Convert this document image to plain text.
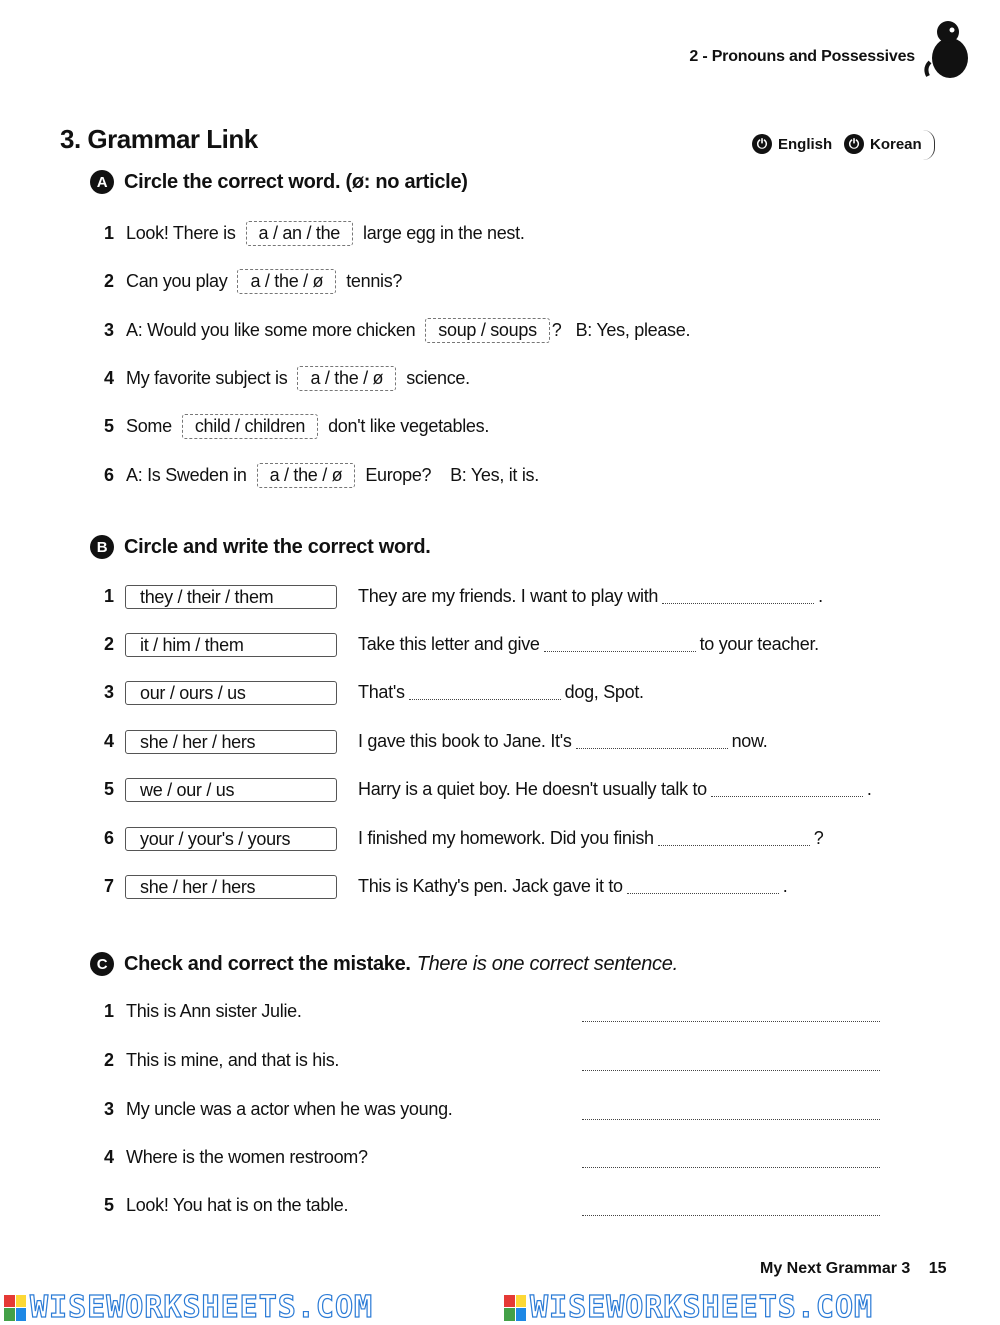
2 - Pronouns and Possessives
3. Grammar Link	⏻ English	⏻ Korean
A Circle the correct word. (ø: no article)
1 Look! There is	a / an / the	large egg in the nest.
2 Can you play	a / the / ø	tennis?
3 A: Would you like some more chicken	soup / soups ?   B: Yes, please.
4 My favorite subject is	a / the / ø	science.
5 Some	child / children	don't like vegetables.
6 A: Is Sweden in	a / the / ø	Europe?    B: Yes, it is.
B Circle and write the correct word.
1	they / their / them	They are my friends. I want to play with	.
2	it / him / them	Take this letter and give	to your teacher.
3	our / ours / us	That's	dog, Spot.
4	she / her / hers	I gave this book to Jane. It's	now.
5	we / our / us	Harry is a quiet boy. He doesn't usually talk to	.
6	your / your's / yours	I finished my homework. Did you finish	?
7	she / her / hers	This is Kathy's pen. Jack gave it to	.
C Check and correct the mistake. There is one correct sentence.
1 This is Ann sister Julie.
2 This is mine, and that is his.
3 My uncle was a actor when he was young.
4 Where is the women restroom?
5 Look! You hat is on the table.
My Next Grammar 3 15
WISEWORKSHEETS.COM	WISEWORKSHEETS.COM
